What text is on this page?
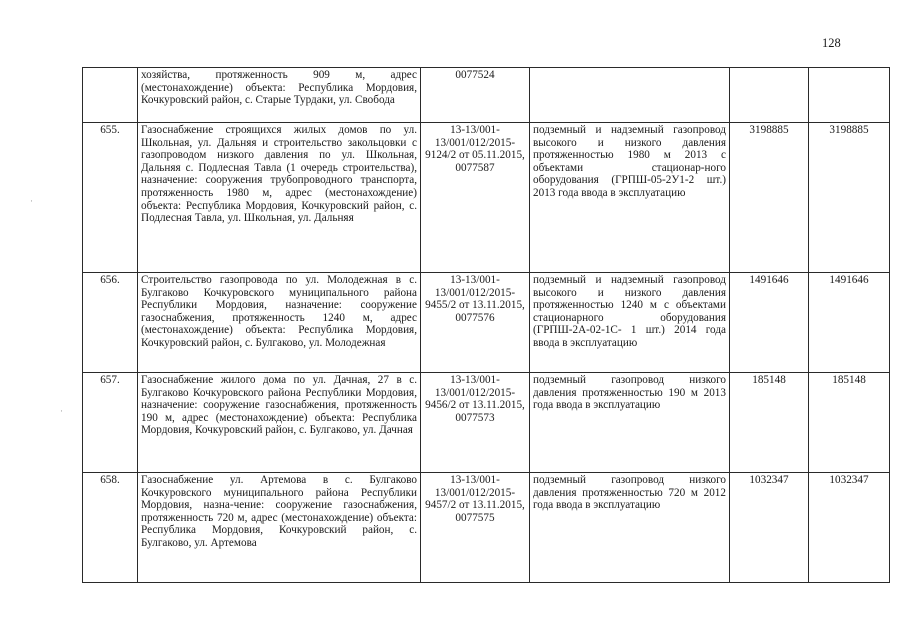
128
·
·
	хозяйства, протяженность 909 м, адрес (местонахождение) объекта: Республика Мордовия, Кочкуровский район, с. Старые Турдаки, ул. Свобода	0077524			
655.	Газоснабжение строящихся жилых домов по ул. Школьная, ул. Дальняя и строительство закольцовки с газопроводом низкого давления по ул. Школьная, Дальняя с. Подлесная Тавла (1 очередь строительства), назначение: сооружения трубопроводного транспорта, протяженность 1980 м, адрес (местонахождение) объекта: Республика Мордовия, Кочкуровский район, с. Подлесная Тавла, ул. Школьная, ул. Дальняя	13-13/001-13/001/012/2015-9124/2 от 05.11.2015, 0077587	подземный и надземный газопровод высокого и низкого давления протяженностью 1980 м 2013 с объектами стационар-ного оборудования (ГРПШ-05-2У1-2 шт.) 2013 года ввода в эксплуатацию	3198885	3198885
656.	Строительство газопровода по ул. Молодежная в с. Булгаково Кочкуровского муниципального района Республики Мордовия, назначение: сооружение газоснабжения, протяженность 1240 м, адрес (местонахождение) объекта: Республика Мордовия, Кочкуровский район, с. Булгаково, ул. Молодежная	13-13/001-13/001/012/2015-9455/2 от 13.11.2015, 0077576	подземный и надземный газопровод высокого и низкого давления протяженностью 1240 м с объектами стационарного оборудования (ГРПШ-2А-02-1С- 1 шт.) 2014 года ввода в эксплуатацию	1491646	1491646
657.	Газоснабжение жилого дома по ул. Дачная, 27 в с. Булгаково Кочкуровского района Республики Мордовия, назначение: сооружение газоснабжения, протяженность 190 м, адрес (местонахождение) объекта: Республика Мордовия, Кочкуровский район, с. Булгаково, ул. Дачная	13-13/001-13/001/012/2015-9456/2 от 13.11.2015, 0077573	подземный газопровод низкого давления протяженностью 190 м 2013 года ввода в эксплуатацию	185148	185148
658.	Газоснабжение ул. Артемова в с. Булгаково Кочкуровского муниципального района Республики Мордовия, назна-чение: сооружение газоснабжения, протяженность 720 м, адрес (местонахождение) объекта: Республика Мордовия, Кочкуровский район, с. Булгаково, ул. Артемова	13-13/001-13/001/012/2015-9457/2 от 13.11.2015, 0077575	подземный газопровод низкого давления протяженностью 720 м 2012 года ввода в эксплуатацию	1032347	1032347
